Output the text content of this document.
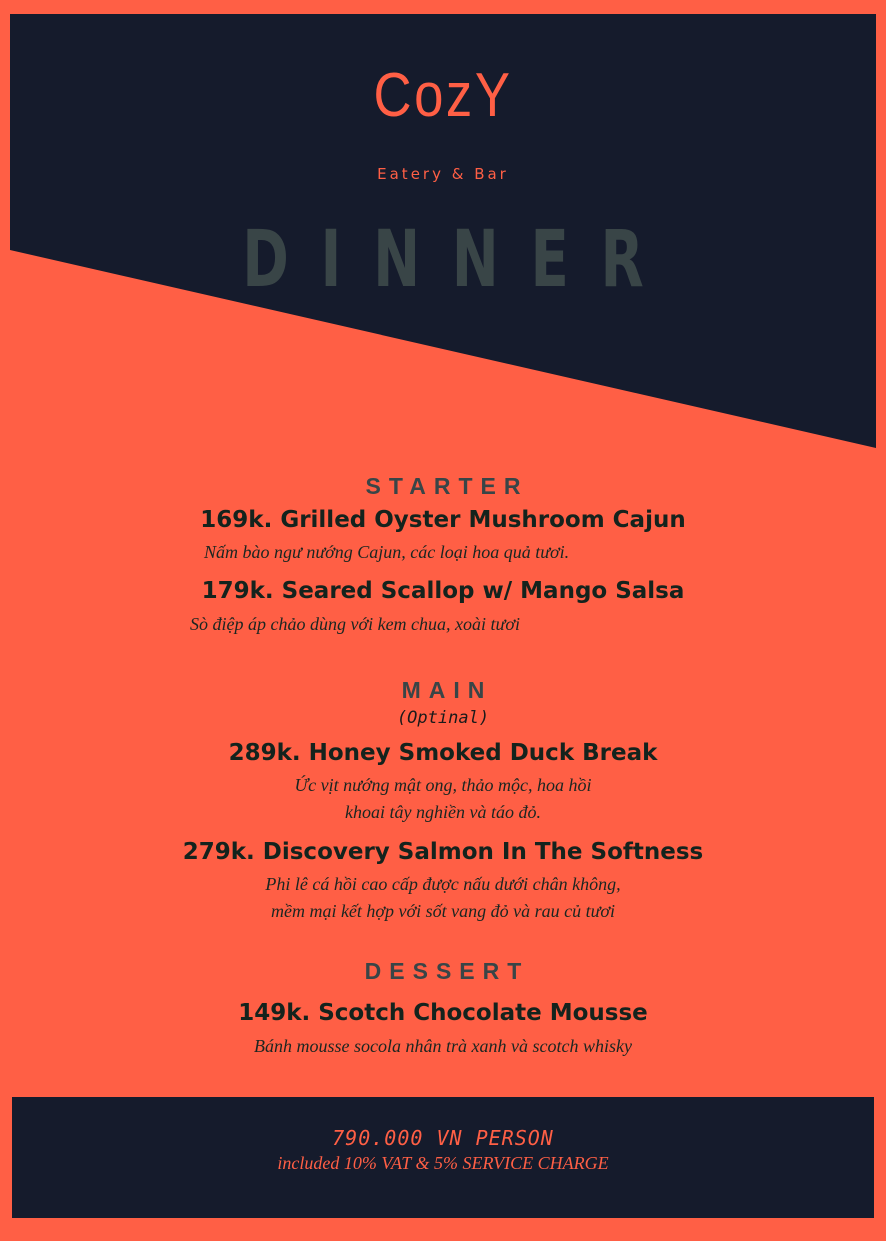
CozY
Eatery & Bar
DINNER
STARTER
169k. Grilled Oyster Mushroom Cajun
Nấm bào ngư nướng Cajun, các loại hoa quả tươi.
179k. Seared Scallop w/ Mango Salsa
Sò điệp áp chảo dùng với kem chua, xoài tươi
MAIN
(Optinal)
289k. Honey Smoked Duck Break
Ức vịt nướng mật ong, thảo mộc, hoa hồi
khoai tây nghiền và táo đỏ.
279k. Discovery Salmon In The Softness
Phi lê cá hồi cao cấp được nấu dưới chân không,
mềm mại kết hợp với sốt vang đỏ và rau củ tươi
DESSERT
149k. Scotch Chocolate Mousse
Bánh mousse socola nhân trà xanh và scotch whisky
790.000 VN PERSON
included 10% VAT & 5% SERVICE CHARGE
